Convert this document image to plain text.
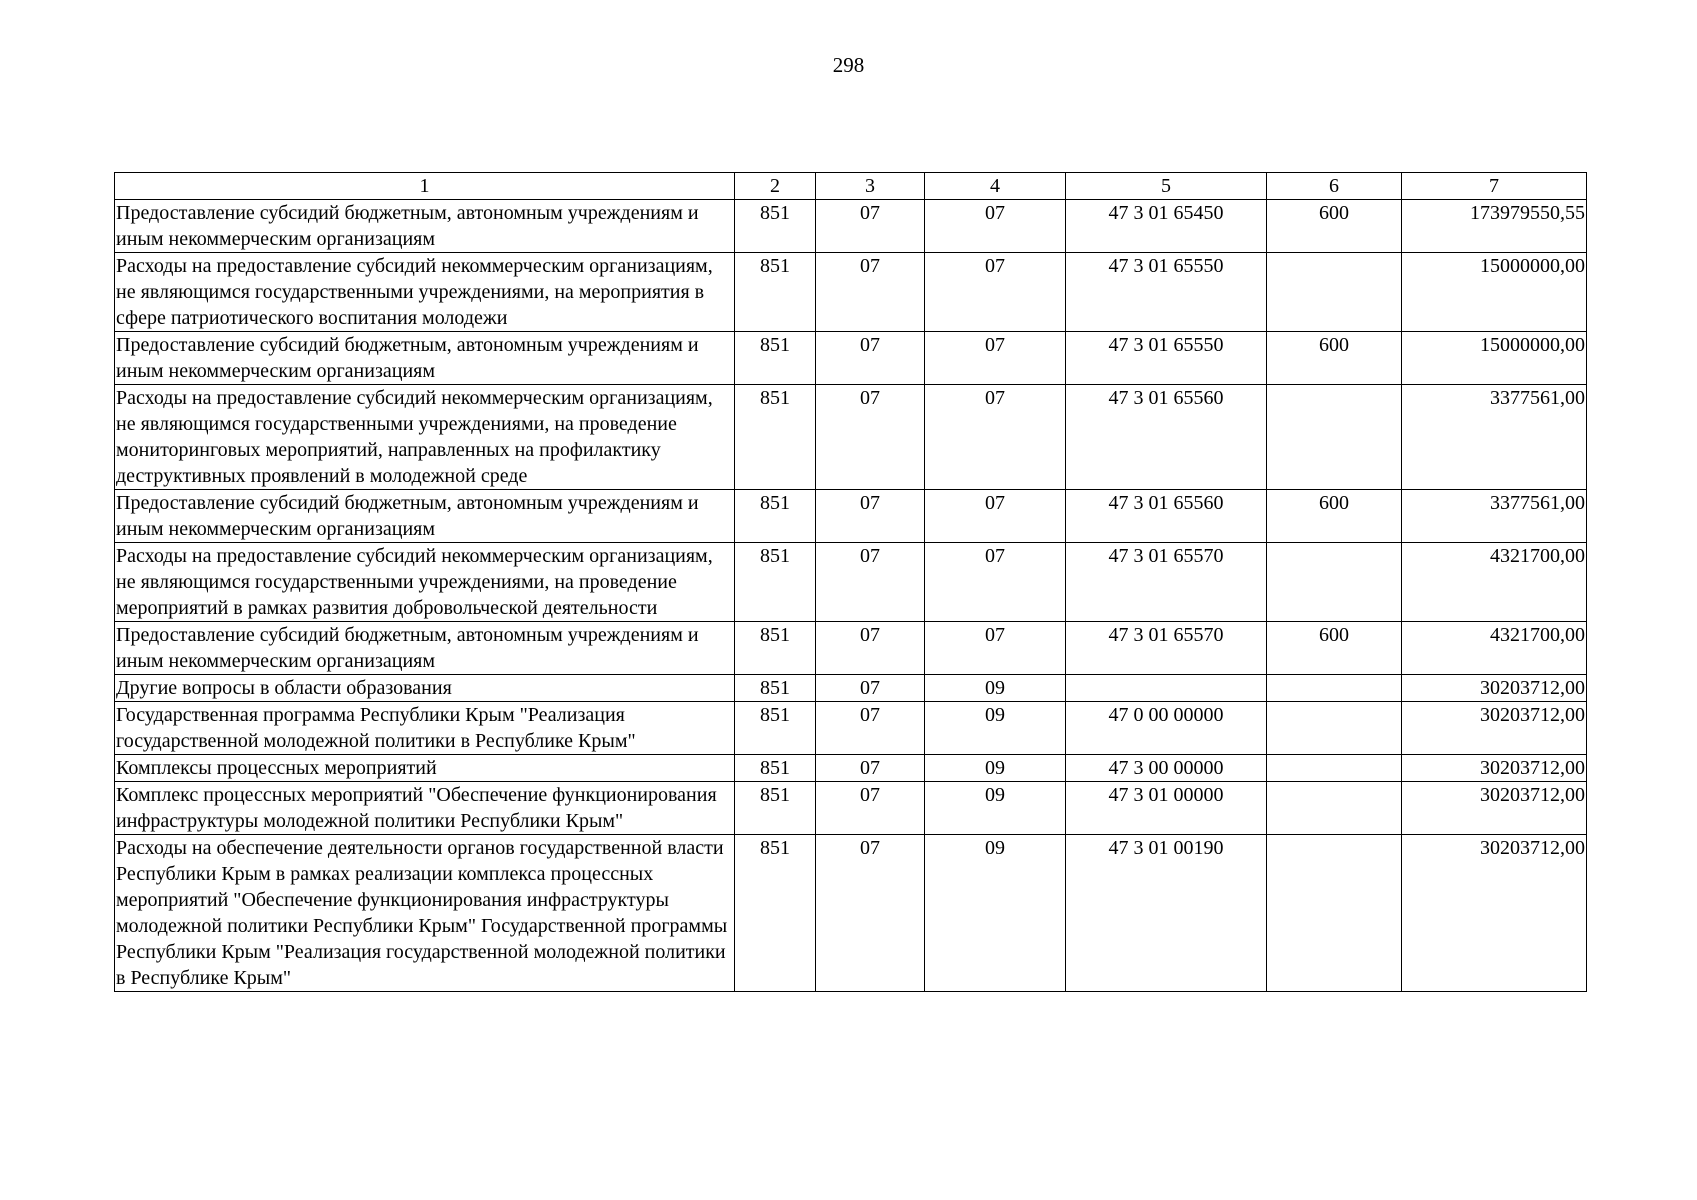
298
1	2	3	4	5	6	7
Предоставление субсидий бюджетным, автономным учреждениям и иным некоммерческим организациям	851	07	07	47 3 01 65450	600	173979550,55
Расходы на предоставление субсидий некоммерческим организациям, не являющимся государственными учреждениями, на мероприятия в сфере патриотического воспитания молодежи	851	07	07	47 3 01 65550		15000000,00
Предоставление субсидий бюджетным, автономным учреждениям и иным некоммерческим организациям	851	07	07	47 3 01 65550	600	15000000,00
Расходы на предоставление субсидий некоммерческим организациям, не являющимся государственными учреждениями, на проведение мониторинговых мероприятий, направленных на профилактику деструктивных проявлений в молодежной среде	851	07	07	47 3 01 65560		3377561,00
Предоставление субсидий бюджетным, автономным учреждениям и иным некоммерческим организациям	851	07	07	47 3 01 65560	600	3377561,00
Расходы на предоставление субсидий некоммерческим организациям, не являющимся государственными учреждениями, на проведение мероприятий в рамках развития добровольческой деятельности	851	07	07	47 3 01 65570		4321700,00
Предоставление субсидий бюджетным, автономным учреждениям и иным некоммерческим организациям	851	07	07	47 3 01 65570	600	4321700,00
Другие вопросы в области образования	851	07	09			30203712,00
Государственная программа Республики Крым "Реализация государственной молодежной политики в Республике Крым"	851	07	09	47 0 00 00000		30203712,00
Комплексы процессных мероприятий	851	07	09	47 3 00 00000		30203712,00
Комплекс процессных мероприятий "Обеспечение функционирования инфраструктуры молодежной политики Республики Крым"	851	07	09	47 3 01 00000		30203712,00
Расходы на обеспечение деятельности органов государственной власти Республики Крым в рамках реализации комплекса процессных мероприятий "Обеспечение функционирования инфраструктуры молодежной политики Республики Крым" Государственной программы Республики Крым "Реализация государственной молодежной политики в Республике Крым"	851	07	09	47 3 01 00190		30203712,00
